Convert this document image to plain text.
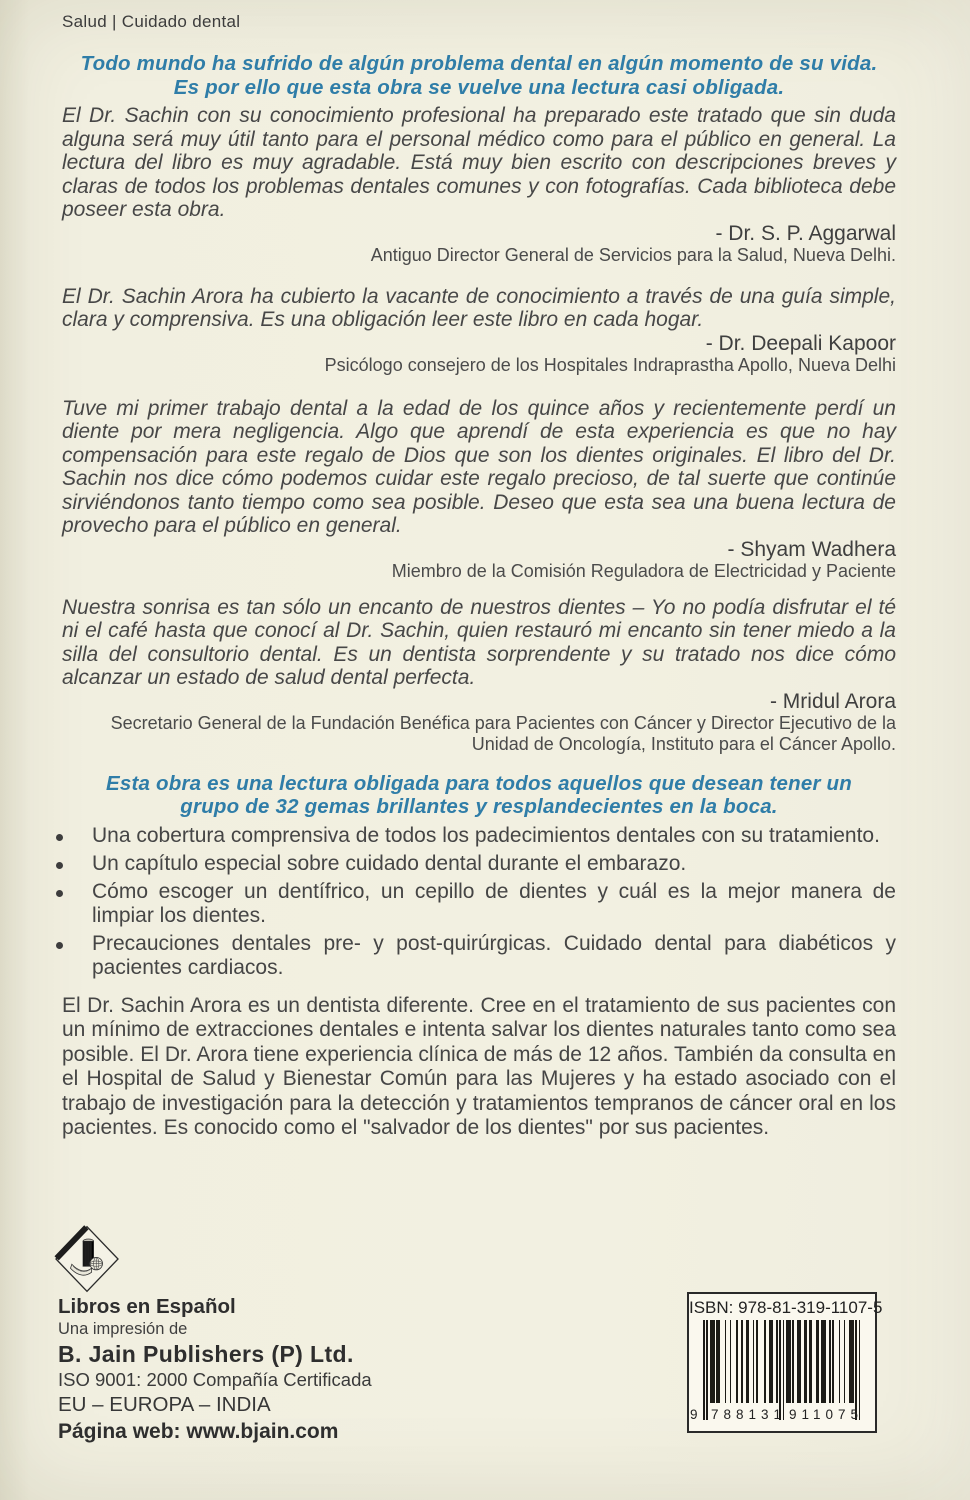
Salud | Cuidado dental
Todo mundo ha sufrido de algún problema dental en algún momento de su vida.
Es por ello que esta obra se vuelve una lectura casi obligada.

El Dr. Sachin con su conocimiento profesional ha preparado este tratado que sin duda alguna será muy útil tanto para el personal médico como para el público en general. La lectura del libro es muy agradable. Está muy bien escrito con descripciones breves y claras de todos los problemas dentales comunes y con fotografías. Cada biblioteca debe poseer esta obra.

- Dr. S. P. Aggarwal

Antiguo Director General de Servicios para la Salud, Nueva Delhi.

El Dr. Sachin Arora ha cubierto la vacante de conocimiento a través de una guía simple, clara y comprensiva. Es una obligación leer este libro en cada hogar.

- Dr. Deepali Kapoor

Psicólogo consejero de los Hospitales Indraprastha Apollo, Nueva Delhi

Tuve mi primer trabajo dental a la edad de los quince años y recientemente perdí un diente por mera negligencia. Algo que aprendí de esta experiencia es que no hay compensación para este regalo de Dios que son los dientes originales. El libro del Dr. Sachin nos dice cómo podemos cuidar este regalo precioso, de tal suerte que continúe sirviéndonos tanto tiempo como sea posible. Deseo que esta sea una buena lectura de provecho para el público en general.

- Shyam Wadhera

Miembro de la Comisión Reguladora de Electricidad y Paciente

Nuestra sonrisa es tan sólo un encanto de nuestros dientes – Yo no podía disfrutar el té ni el café hasta que conocí al Dr. Sachin, quien restauró mi encanto sin tener miedo a la silla del consultorio dental. Es un dentista sorprendente y su tratado nos dice cómo alcanzar un estado de salud dental perfecta.

- Mridul Arora

Secretario General de la Fundación Benéfica para Pacientes con Cáncer y Director Ejecutivo de la Unidad de Oncología, Instituto para el Cáncer Apollo.

Esta obra es una lectura obligada para todos aquellos que desean tener un
grupo de 32 gemas brillantes y resplandecientes en la boca.

Una cobertura comprensiva de todos los padecimientos dentales con su tratamiento.

Un capítulo especial sobre cuidado dental durante el embarazo.

Cómo escoger un dentífrico, un cepillo de dientes y cuál es la mejor manera de limpiar los dientes.

Precauciones dentales pre- y post-quirúrgicas. Cuidado dental para diabéticos y pacientes cardiacos.

El Dr. Sachin Arora es un dentista diferente. Cree en el tratamiento de sus pacientes con un mínimo de extracciones dentales e intenta salvar los dientes naturales tanto como sea posible. El Dr. Arora tiene experiencia clínica de más de 12 años. También da consulta en el Hospital de Salud y Bienestar Común para las Mujeres y ha estado asociado con el trabajo de investigación para la detección y tratamientos tempranos de cáncer oral en los pacientes. Es conocido como el "salvador de los dientes" por sus pacientes.

Libros en Español
Una impresión de
B. Jain Publishers (P) Ltd.
ISO 9001: 2000 Compañía Certificada
EU – EUROPA – INDIA
Página web: www.bjain.com
ISBN: 978-81-319-1107-5
9 788131 911075
